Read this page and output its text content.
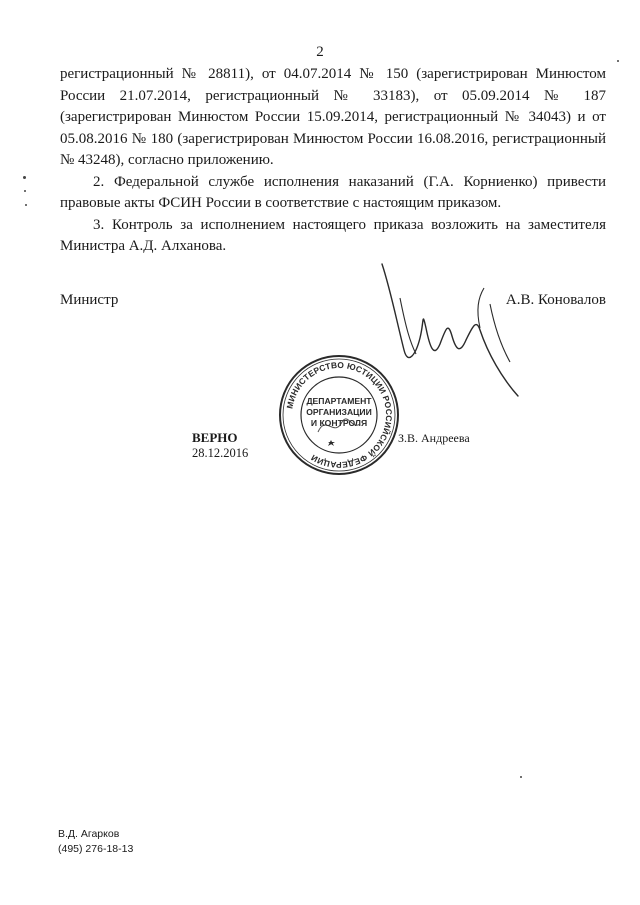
2

регистрационный № 28811), от 04.07.2014 № 150 (зарегистрирован Минюстом России 21.07.2014, регистрационный № 33183), от 05.09.2014 № 187 (зарегистрирован Минюстом России 15.09.2014, регистрационный № 34043) и от 05.08.2016 № 180 (зарегистрирован Минюстом России 16.08.2016, регистрационный № 43248), согласно приложению.

2. Федеральной службе исполнения наказаний (Г.А. Корниенко) привести правовые акты ФСИН России в соответствие с настоящим приказом.

3. Контроль за исполнением настоящего приказа возложить на заместителя Министра А.Д. Алханова.

Министр	А.В. Коновалов
МИНИСТЕРСТВО ЮСТИЦИИ РОССИЙСКОЙ ФЕДЕРАЦИИ
ДЕПАРТАМЕНТ
ОРГАНИЗАЦИИ
И КОНТРОЛЯ
ВЕРНО
28.12.2016
З.В. Андреева
В.Д. Агарков
(495) 276-18-13
